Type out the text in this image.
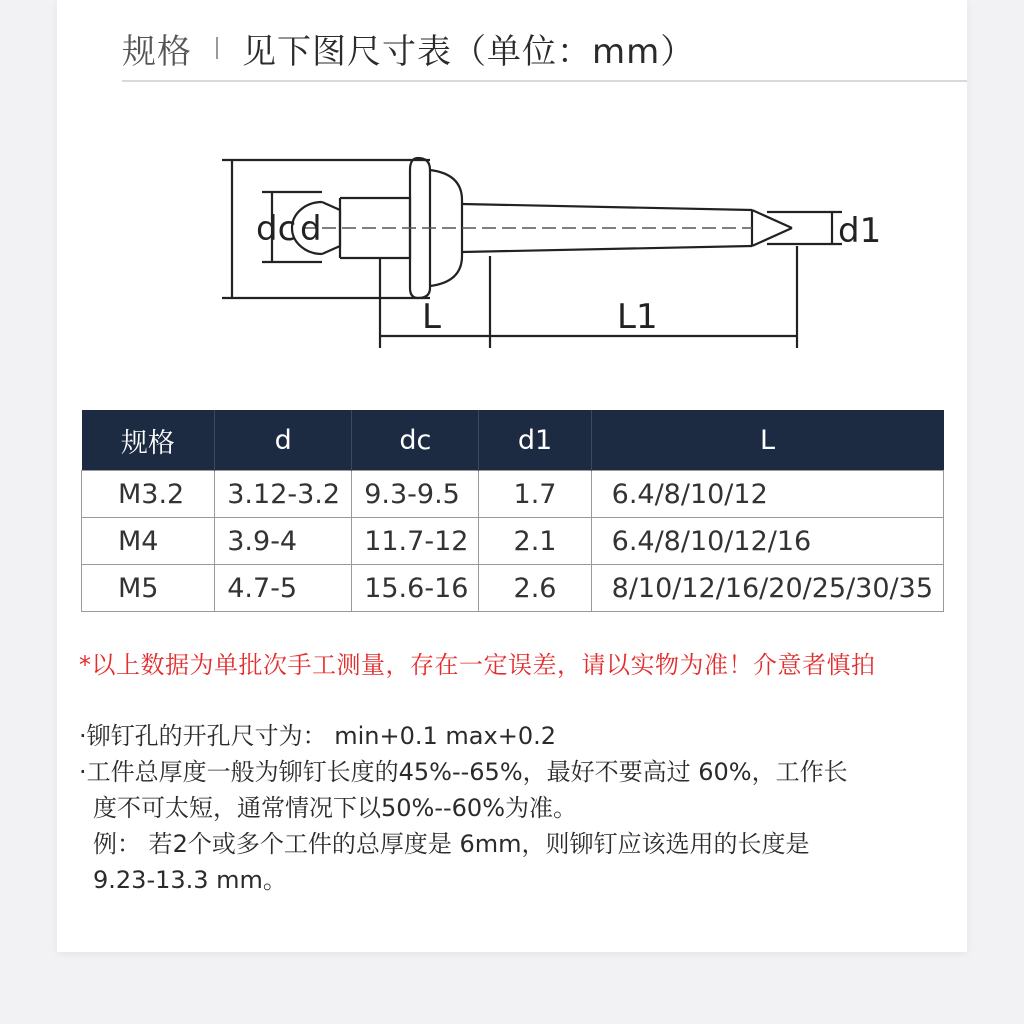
规格 见下图尺寸表（单位：mm）
dc d	d1
L	L1
规格	d	dc	d1	L
M3.2	3.12-3.2	9.3-9.5	1.7	6.4/8/10/12
M4	3.9-4	11.7-12	2.1	6.4/8/10/12/16
M5	4.7-5	15.6-16	2.6	8/10/12/16/20/25/30/35
*以上数据为单批次手工测量，存在一定误差，请以实物为准！介意者慎拍

·铆钉孔的开孔尺寸为： min+0.1 max+0.2

·工件总厚度一般为铆钉长度的45%--65%，最好不要高过 60%，工作长

度不可太短，通常情况下以50%--60%为准。

例： 若2个或多个工件的总厚度是 6mm，则铆钉应该选用的长度是

9.23-13.3 mm。
